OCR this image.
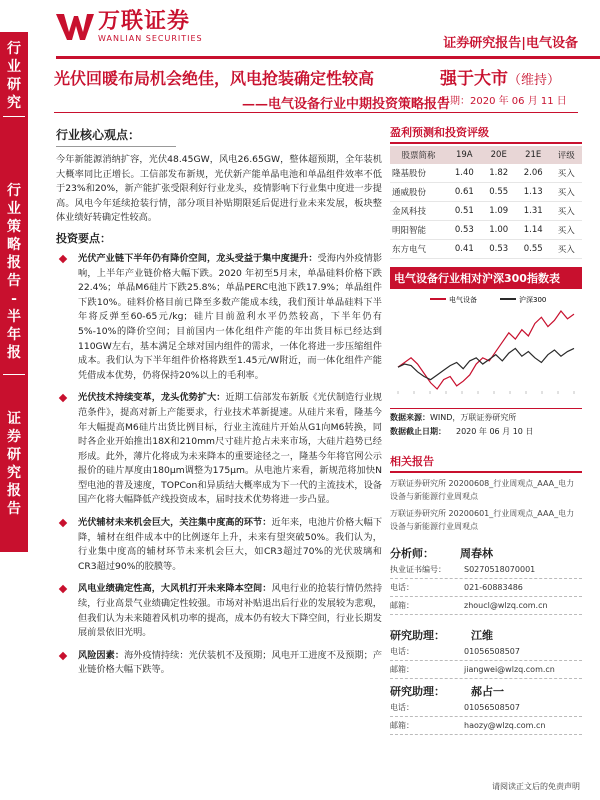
万联证券
WANLIAN SECURITIES	证券研究报告|电气设备
行
业
研
究
行
业
策
略
报
告
-
半
年
报
证
券
研
究
报
告
光伏回暖布局机会绝佳，风电抢装确定性较高
——电气设备行业中期投资策略报告
强于大市（维持）
日期：2020 年 06 月 11 日
行业核心观点：
今年新能源消纳扩容，光伏48.45GW，风电26.65GW，整体超预期，全年装机大概率同比正增长。工信部发布新规，光伏新产能单晶电池和单晶组件效率不低于23%和20%，新产能扩张受限利好行业龙头，疫情影响下行业集中度进一步提高。风电今年延续抢装行情，部分项目补贴期限延后促进行业未来发展，板块整体业绩好转确定性较高。
投资要点：
光伏产业链下半年仍有降价空间，龙头受益于集中度提升：受海内外疫情影响，上半年产业链价格大幅下跌。2020 年初至5月末，单晶硅料价格下跌22.4%；单晶M6硅片下跌25.8%；单晶PERC电池下跌17.9%；单晶组件下跌10%。硅料价格目前已降至多数产能成本线，我们预计单晶硅料下半年将反弹至60-65元/kg；硅片目前盈利水平仍然较高，下半年仍有5%-10%的降价空间；目前国内一体化组件产能的年出货目标已经达到110GW左右，基本满足全球对国内组件的需求，一体化将进一步压缩组件成本。我们认为下半年组件价格将跌至1.45元/W附近，而一体化组件产能凭借成本优势，仍将保持20%以上的毛利率。
光伏技术持续变革，龙头优势扩大：近期工信部发布新版《光伏制造行业规范条件》，提高对新上产能要求，行业技术革新提速。从硅片来看，隆基今年大幅提高M6硅片出货比例目标，行业主流硅片开始从G1向M6转换，同时各企业开始推出18X和210mm尺寸硅片抢占未来市场，大硅片趋势已经形成。此外，薄片化将成为未来降本的重要途径之一，隆基今年将官网公示报价的硅片厚度由180μm调整为175μm。从电池片来看，新规范将加快N型电池的普及速度，TOPCon和异质结大概率成为下一代的主流技术，设备国产化将大幅降低产线投资成本，届时技术优势将进一步凸显。
光伏辅材未来机会巨大，关注集中度高的环节：近年来，电池片价格大幅下降，辅材在组件成本中的比例逐年上升，未来有望突破50%。我们认为，行业集中度高的辅材环节未来机会巨大，如CR3超过70%的光伏玻璃和CR3超过90%的胶膜等。
风电业绩确定性高，大风机打开未来降本空间：风电行业的抢装行情仍然持续，行业高景气业绩确定性较强。市场对补贴退出后行业的发展较为悲观，但我们认为未来随着风机功率的提高，成本仍有较大下降空间，行业长期发展前景依旧光明。
风险因素：海外疫情持续：光伏装机不及预期；风电开工进度不及预期；产业链价格大幅下跌等。
盈利预测和投资评级
股票简称	19A	20E	21E	评级
隆基股份	1.40	1.82	2.06	买入
通威股份	0.61	0.55	1.13	买入
金风科技	0.51	1.09	1.31	买入
明阳智能	0.53	1.00	1.14	买入
东方电气	0.41	0.53	0.55	买入
电气设备行业相对沪深300指数表
电气设备	沪深300
数据来源：WIND，万联证券研究所
数据截止日期： 2020 年 06 月 10 日
相关报告
万联证券研究所 20200608_行业周观点_AAA_电力设备与新能源行业周观点
万联证券研究所 20200601_行业周观点_AAA_电力设备与新能源行业周观点
分析师： 周春林
执业证书编号：	S0270518070001
电话：	021-60883486
邮箱：	zhoucl@wlzq.com.cn
研究助理： 江维
电话：	01056508507
邮箱：	jiangwei@wlzq.com.cn
研究助理： 郝占一
电话：	01056508507
邮箱：	haozy@wlzq.com.cn
请阅读正文后的免责声明
